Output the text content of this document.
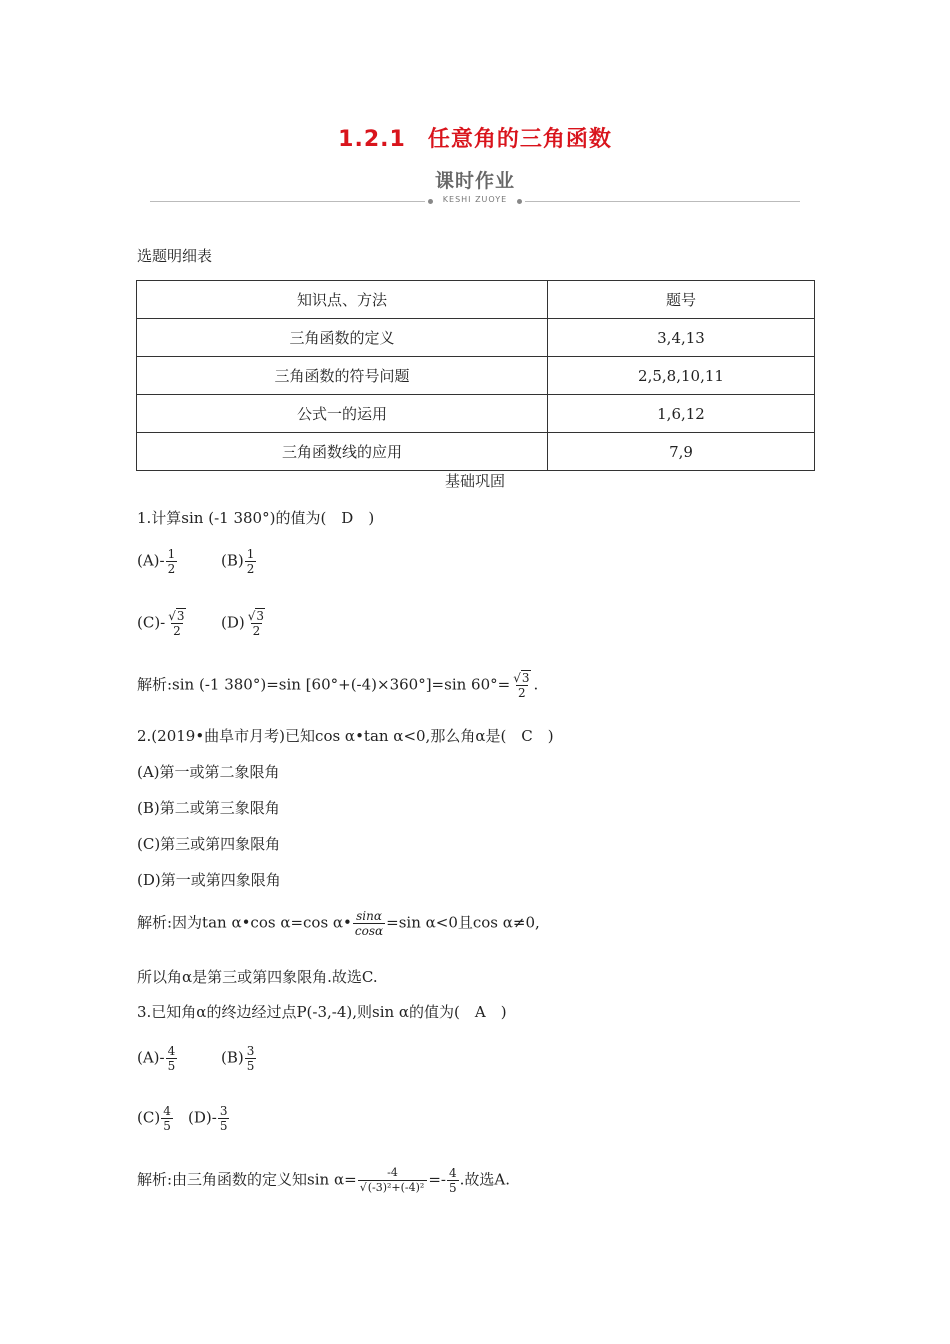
1.2.1 任意角的三角函数
课时作业
KESHI ZUOYE
选题明细表
知识点、方法	题号
三角函数的定义	3,4,13
三角函数的符号问题	2,5,8,10,11
公式一的运用	1,6,12
三角函数线的应用	7,9
基础巩固
1.计算sin (-1 380°)的值为(　D　)
$(A)- \frac{1}{2}$	$(B) \frac{1}{2}$
$(C)- \frac{√3}{2} (D) \frac{√3}{2}$
解析:sin (-1 380°)=sin [60°+(-4)×360°]=sin $60^\circ= \frac{√3}{2}$ .
2.(2019•曲阜市月考)已知cos α•tan α<0,那么角α是(　C　)
(A)第一或第二象限角
(B)第二或第三象限角
(C)第三或第四象限角
(D)第一或第四象限角
解析:因为tan α•cos α=cos α• $\frac{\sin\alpha}{\cos\alpha} =\sin$ α<0且cos α≠0,
所以角α是第三或第四象限角.故选C.
3.已知角α的终边经过点P(-3,-4),则sin α的值为(　A　)
$(A)- \frac{4}{5}$	$(B) \frac{3}{5}$
$(C) \frac{4}{5} (D)- \frac{3}{5}$
解析:由三角函数的定义知$\sin \alpha= \frac{-4}{\text{√(-3)²+(-4)²}} =- \frac{4}{5}$ .故选A.
